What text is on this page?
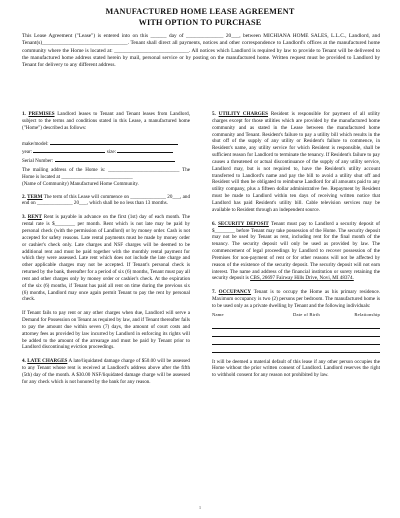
MANUFACTURED HOME LEASE AGREEMENT
WITH OPTION TO PURCHASE
This Lease Agreement ("Lease") is entered into on this ______ day of ______________ 20___, between MICHIANA HOME SALES, L.L.C., Landlord, and Tenant(s)________________________________. Tenant shall direct all payments, notices and other correspondence to Landlord's offices at the manufactured home community where the Home is located at: ____________________________. All notices which Landlord is required by law to provide to Tenant will be delivered to the manufactured home address stated herein by mail, personal service or by posting on the manufactured home. Written request must be provided to Landlord by Tenant for delivery to any different address.

1. PREMISES Landlord leases to Tenant and Tenant leases from Landlord, subject to the terms and conditions stated in this Lease, a manufactured home ("Home") described as follows:

make/model:
year:	size:
Serial Number:

The mailing address of the Home is: ____________________________ The Home is located at ____________________________
(Name of Community) Manufactured Home Community.

2. TERM The term of this Lease will commence on ______________ 20___, and end on ______________ 20___, which shall be no less than 13 months.

3. RENT Rent is payable in advance on the first (1st) day of each month. The rental rate is $________ per month. Rent which is not late may be paid by personal check (with the permission of Landlord) or by money order. Cash is not accepted for safety reasons. Late rental payments must be made by money order or cashier's check only. Late charges and NSF charges will be deemed to be additional rent and must be paid together with the monthly rental payment for which they were assessed. Late rent which does not include the late charge and other applicable charges may not be accepted. If Tenant's personal check is returned by the bank, thereafter for a period of six (6) months, Tenant must pay all rent and other charges only by money order or cashier's check. At the expiration of the six (6) months, if Tenant has paid all rent on time during the previous six (6) months, Landlord may once again permit Tenant to pay the rent by personal check.

If Tenant fails to pay rent or any other charges when due, Landlord will serve a Demand for Possession on Tenant as required by law, and if Tenant thereafter fails to pay the amount due within seven (7) days, the amount of court costs and attorney fees as provided by law incurred by Landlord in enforcing its rights will be added to the amount of the arrearage and must be paid by Tenant prior to Landlord discontinuing eviction proceedings.

4. LATE CHARGES A late/liquidated damage charge of $50.00 will be assessed to any Tenant whose rent is received at Landlord's address above after the fifth (5th) day of the month. A $30.00 NSF/liquidated damage charge will be assessed for any check which is not honored by the bank for any reason.

5. UTILITY CHARGES Resident is responsible for payment of all utility charges except for those utilities which are provided by the manufactured home community and as stated in the Lease between the manufactured home community and Tenant. Resident's failure to pay a utility bill which results in the shut off of the supply of any utility or Resident's failure to commence, in Resident's name, any utility service for which Resident is responsible, shall be sufficient reason for Landlord to terminate the tenancy. If Resident's failure to pay causes a threatened or actual discontinuance of the supply of any utility service, Landlord may, but is not required to, have the Resident's utility account transferred to Landlord's name and pay the bill to avoid a utility shut off and Resident will then be obligated to reimburse Landlord for all amounts paid to any utility company, plus a fifteen dollar administrative fee. Repayment by Resident must be made to Landlord within ten days of receiving written notice that Landlord has paid Resident's utility bill. Cable television services may be available to Resident through an independent source.

6. SECURITY DEPOSIT Tenant must pay to Landlord a security deposit of $________ before Tenant may take possession of the Home. The security deposit may not be used by Tenant as rent, including rent for the final month of the tenancy. The security deposit will only be used as provided by law. The commencement of legal proceedings by Landlord to recover possession of the Premises for non-payment of rent or for other reasons will not be affected by reason of the existence of the security deposit. The security deposit will not earn interest. The name and address of the financial institution or surety retaining the security deposit is CBS, 26697 Fairway Hills Drive, Novi, MI 48374.

7. OCCUPANCY Tenant is to occupy the Home as his primary residence. Maximum occupancy is two (2) persons per bedroom. The manufactured home is to be used only as a private dwelling by Tenant and the following individuals:

Name	Date of Birth	Relationship

It will be deemed a material default of this lease if any other person occupies the Home without the prior written consent of Landlord. Landlord reserves the right to withhold consent for any reason not prohibited by law.

1
